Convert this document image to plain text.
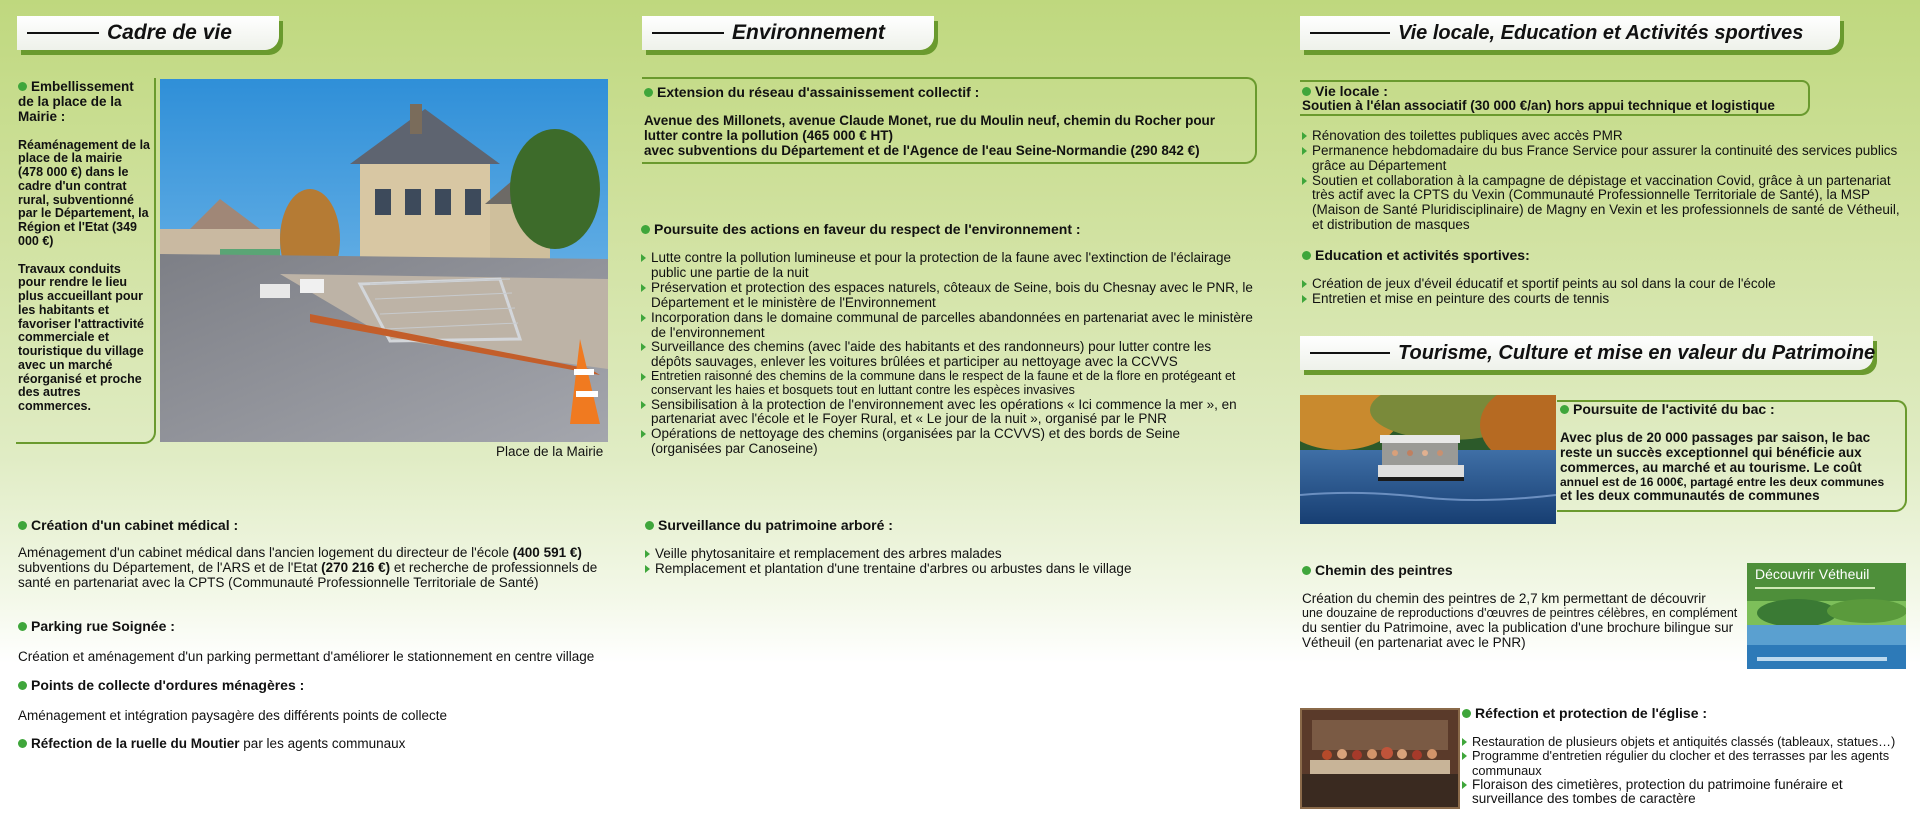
Cadre de vie
Embellissement de la place de la Mairie :
Réaménagement de la place de la mairie (478 000 €) dans le cadre d'un contrat rural, subventionné par le Département, la Région et l'Etat (349 000 €)
Travaux conduits pour rendre le lieu plus accueillant pour les habitants et favoriser l'attractivité commerciale et touristique du village avec un marché réorganisé et proche des autres commerces.
Place de la Mairie
Création d'un cabinet médical :
Aménagement d'un cabinet médical dans l'ancien logement du directeur de l'école (400 591 €)
subventions du Département, de l'ARS et de l'Etat (270 216 €) et recherche de professionnels de santé en partenariat avec la CPTS (Communauté Professionnelle Territoriale de Santé)
Parking rue Soignée :
Création et aménagement d'un parking permettant d'améliorer le stationnement en centre village
Points de collecte d'ordures ménagères :
Aménagement et intégration paysagère des différents points de collecte
Réfection de la ruelle du Moutier par les agents communaux
Environnement
Extension du réseau d'assainissement collectif :
Avenue des Millonets, avenue Claude Monet, rue du Moulin neuf, chemin du Rocher pour lutter contre la pollution (465 000 € HT)
avec subventions du Département et de l'Agence de l'eau Seine-Normandie (290 842 €)
Poursuite des actions en faveur du respect de l'environnement :
Lutte contre la pollution lumineuse et pour la protection de la faune avec l'extinction de l'éclairage public une partie de la nuit
Préservation et protection des espaces naturels, côteaux de Seine, bois du Chesnay avec le PNR, le Département et le ministère de l'Environnement
Incorporation dans le domaine communal de parcelles abandonnées en partenariat avec le ministère de l'environnement
Surveillance des chemins (avec l'aide des habitants et des randonneurs) pour lutter contre les dépôts sauvages, enlever les voitures brûlées et participer au nettoyage avec la CCVVS
Entretien raisonné des chemins de la commune dans le respect de la faune et de la flore en protégeant et conservant les haies et bosquets tout en luttant contre les espèces invasives
Sensibilisation à la protection de l'environnement avec les opérations « Ici commence la mer », en partenariat avec l'école et le Foyer Rural, et « Le jour de la nuit », organisé par le PNR
Opérations de nettoyage des chemins (organisées par la CCVVS) et des bords de Seine (organisées par Canoseine)
Surveillance du patrimoine arboré :
Veille phytosanitaire et remplacement des arbres malades
Remplacement et plantation d'une trentaine d'arbres ou arbustes dans le village
Vie locale, Education et Activités sportives
Vie locale :
Soutien à l'élan associatif (30 000 €/an) hors appui technique et logistique
Rénovation des toilettes publiques avec accès PMR
Permanence hebdomadaire du bus France Service pour assurer la continuité des services publics grâce au Département
Soutien et collaboration à la campagne de dépistage et vaccination Covid, grâce à un partenariat très actif avec la CPTS du Vexin (Communauté Professionnelle Territoriale de Santé), la MSP (Maison de Santé Pluridisciplinaire) de Magny en Vexin et les professionnels de santé de Vétheuil, et distribution de masques
Education et activités sportives:
Création de jeux d'éveil éducatif et sportif peints au sol dans la cour de l'école
Entretien et mise en peinture des courts de tennis
Tourisme, Culture et mise en valeur du Patrimoine
Poursuite de l'activité du bac :
Avec plus de 20 000 passages par saison, le bac reste un succès exceptionnel qui bénéficie aux commerces, au marché et au tourisme. Le coût
annuel est de 16 000€, partagé entre les deux communes
et les deux communautés de communes
Chemin des peintres
Création du chemin des peintres de 2,7 km permettant de découvrir
une douzaine de reproductions d'œuvres de peintres célèbres, en complément
du sentier du Patrimoine, avec la publication d'une brochure bilingue sur Vétheuil (en partenariat avec le PNR)
Découvrir Vétheuil
Réfection et protection de l'église :
Restauration de plusieurs objets et antiquités classés (tableaux, statues…)
Programme d'entretien régulier du clocher et des terrasses par les agents communaux
Floraison des cimetières, protection du patrimoine funéraire et surveillance des tombes de caractère
